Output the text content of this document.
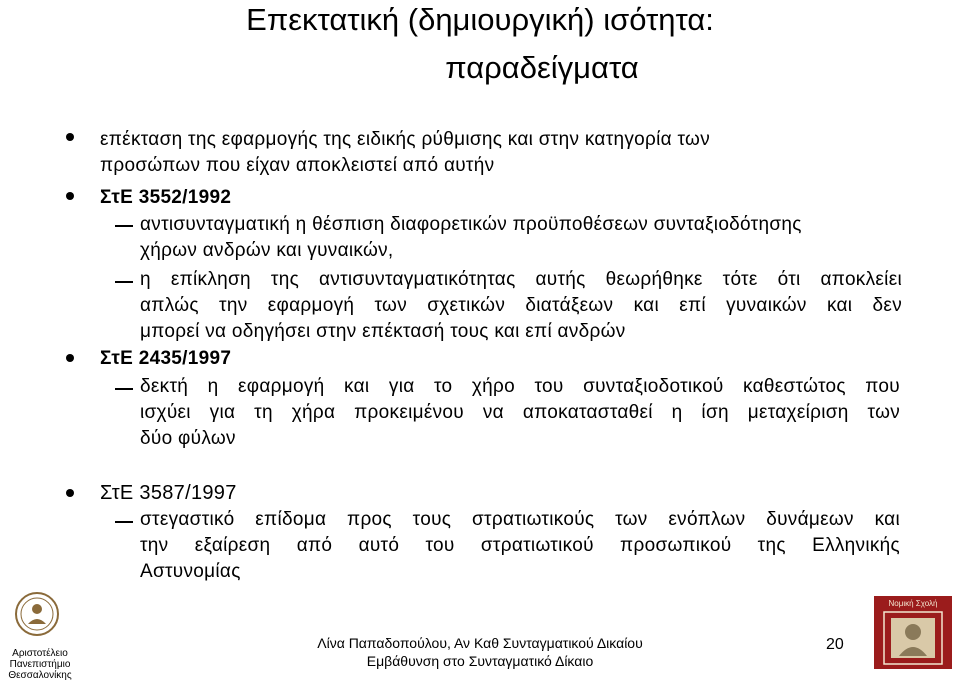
Επεκτατική (δημιουργική) ισότητα:
παραδείγματα
επέκταση της εφαρμογής της ειδικής ρύθμισης και στην κατηγορία των
προσώπων που είχαν αποκλειστεί από αυτήν
ΣτΕ 3552/1992
αντισυνταγματική η θέσπιση διαφορετικών προϋποθέσεων συνταξιοδότησης
χήρων ανδρών και γυναικών,
η επίκληση της αντισυνταγματικότητας αυτής θεωρήθηκε τότε ότι αποκλείει
απλώς την εφαρμογή των σχετικών διατάξεων και επί γυναικών και δεν
μπορεί να οδηγήσει στην επέκτασή τους και επί ανδρών
ΣτΕ 2435/1997
δεκτή η εφαρμογή και για το χήρο του συνταξιοδοτικού καθεστώτος που
ισχύει για τη χήρα προκειμένου να αποκατασταθεί η ίση μεταχείριση των
δύο φύλων
ΣτΕ 3587/1997
στεγαστικό επίδομα προς τους στρατιωτικούς των ενόπλων δυνάμεων και
την εξαίρεση από αυτό του στρατιωτικού προσωπικού της Ελληνικής
Αστυνομίας
Αριστοτέλειο
Πανεπιστήμιο
Θεσσαλονίκης
Λίνα Παπαδοπούλου, Αν Καθ Συνταγματικού Δικαίου
Εμβάθυνση στο Συνταγματικό Δίκαιο
20
Νομική Σχολή
